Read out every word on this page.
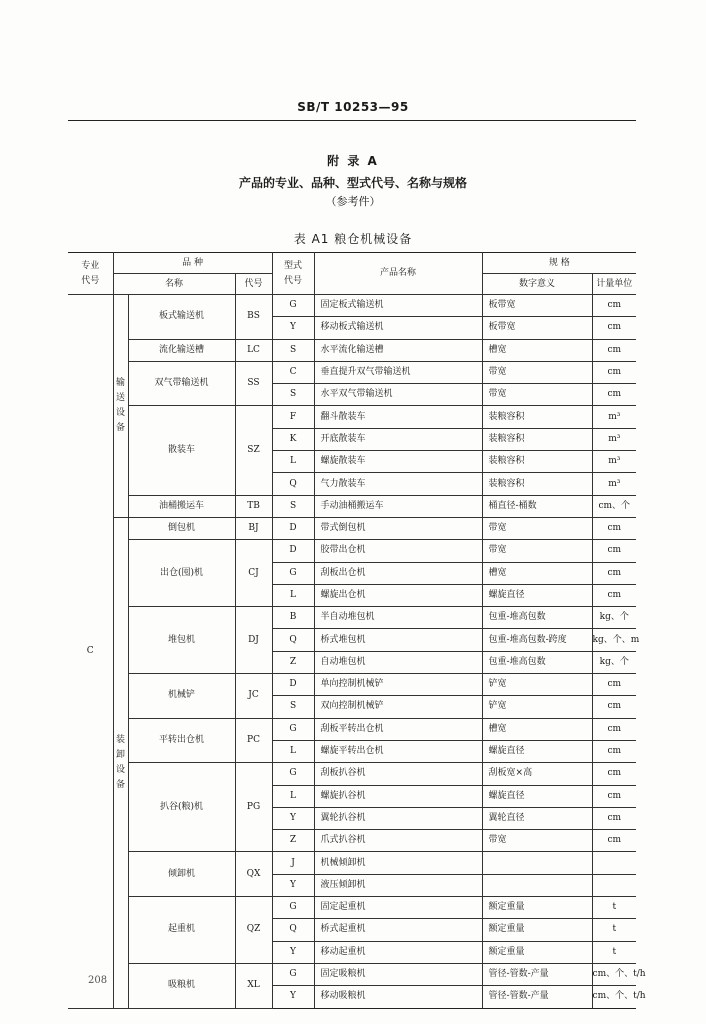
SB/T 10253—95
附 录 A
产品的专业、品种、型式代号、名称与规格
（参考件）
表 A1 粮仓机械设备
专业代号	品 种			型式代号	产品名称	规 格	
	名称		代号			数字意义	计量单位
C	输送设备	板式输送机	BS	G	固定板式输送机	板带宽	cm
				Y	移动板式输送机	板带宽	cm
		流化输送槽	LC	S	水平流化输送槽	槽宽	cm
		双气带输送机	SS	C	垂直提升双气带输送机	带宽	cm
				S	水平双气带输送机	带宽	cm
		散装车	SZ	F	翻斗散装车	装粮容积	m³
				K	开底散装车	装粮容积	m³
				L	螺旋散装车	装粮容积	m³
				Q	气力散装车	装粮容积	m³
		油桶搬运车	TB	S	手动油桶搬运车	桶直径-桶数	cm、个
	装卸设备	倒包机	BJ	D	带式倒包机	带宽	cm
		出仓(囤)机	CJ	D	胶带出仓机	带宽	cm
				G	刮板出仓机	槽宽	cm
				L	螺旋出仓机	螺旋直径	cm
		堆包机	DJ	B	半自动堆包机	包重-堆高包数	kg、个
				Q	桥式堆包机	包重-堆高包数-跨度	kg、个、m
				Z	自动堆包机	包重-堆高包数	kg、个
		机械铲	JC	D	单向控制机械铲	铲宽	cm
				S	双向控制机械铲	铲宽	cm
		平转出仓机	PC	G	刮板平转出仓机	槽宽	cm
				L	螺旋平转出仓机	螺旋直径	cm
		扒谷(粮)机	PG	G	刮板扒谷机	刮板宽×高	cm
				L	螺旋扒谷机	螺旋直径	cm
				Y	翼轮扒谷机	翼轮直径	cm
				Z	爪式扒谷机	带宽	cm
		倾卸机	QX	J	机械倾卸机		
				Y	液压倾卸机		
		起重机	QZ	G	固定起重机	额定重量	t
				Q	桥式起重机	额定重量	t
				Y	移动起重机	额定重量	t
		吸粮机	XL	G	固定吸粮机	管径-管数-产量	cm、个、t/h
				Y	移动吸粮机	管径-管数-产量	cm、个、t/h
208
